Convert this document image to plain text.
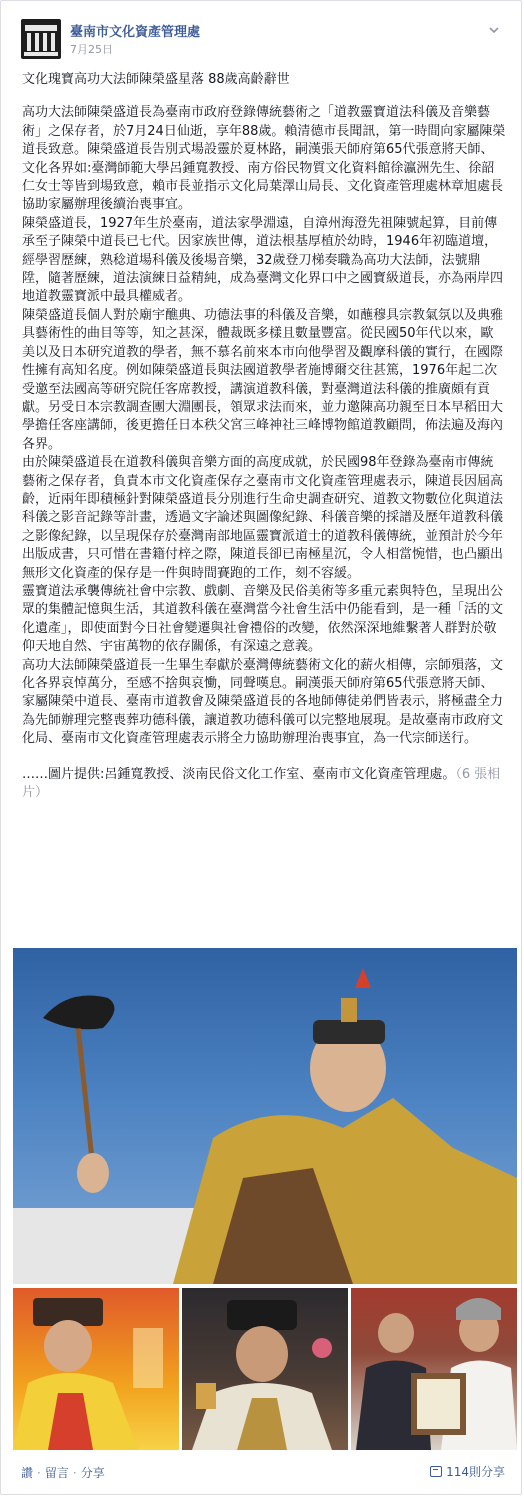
臺南市文化資產管理處
7月25日

文化瑰寶高功大法師陳榮盛星落 88歲高齡辭世

高功大法師陳榮盛道長為臺南市政府登錄傳統藝術之「道教靈寶道法科儀及音樂藝術」之保存者，於7月24日仙逝，享年88歲。賴清德市長聞訊，第一時間向家屬陳榮道長致意。陳榮盛道長告別式場設靈於夏林路，嗣漢張天師府第65代張意將天師、文化各界如:臺灣師範大學呂鍾寬教授、南方俗民物質文化資料館徐瀛洲先生、徐韶仁女士等皆到場致意，賴市長並指示文化局葉澤山局長、文化資產管理處林章旭處長協助家屬辦理後續治喪事宜。

陳榮盛道長，1927年生於臺南，道法家學淵遠，自漳州海澄先祖陳號起算，目前傳承至子陳榮中道長已七代。因家族世傳，道法根基厚植於幼時，1946年初臨道壇，經學習歷練，熟稔道場科儀及後場音樂，32歲登刀梯奏職為高功大法師，法號鼎陞，隨著歷練，道法演練日益精純，成為臺灣文化界口中之國寶級道長，亦為兩岸四地道教靈寶派中最具權威者。

陳榮盛道長個人對於廟宇醮典、功德法事的科儀及音樂，如蘸穆具宗教氣氛以及典雅具藝術性的曲目等等，知之甚深，體裁既多樣且數量豐富。從民國50年代以來，歐美以及日本研究道教的學者，無不慕名前來本市向他學習及觀摩科儀的實行，在國際性擁有高知名度。例如陳榮盛道長與法國道教學者施博爾交往甚篤，1976年起二次受邀至法國高等研究院任客席教授，講演道教科儀，對臺灣道法科儀的推廣頗有貢獻。另受日本宗教調查團大淵團長，領眾求法而來，並力邀陳高功親至日本早稻田大學擔任客座講師，後更擔任日本秩父宮三峰神社三峰博物館道教顧問，佈法遍及海內各界。

由於陳榮盛道長在道教科儀與音樂方面的高度成就，於民國98年登錄為臺南市傳統藝術之保存者，負責本市文化資產保存之臺南市文化資產管理處表示，陳道長因屆高齡，近兩年即積極針對陳榮盛道長分別進行生命史調查研究、道教文物數位化與道法科儀之影音記錄等計畫，透過文字論述與圖像紀錄、科儀音樂的採譜及歷年道教科儀之影像紀錄，以呈現保存於臺灣南部地區靈寶派道士的道教科儀傳統，並預計於今年出版成書，只可惜在書籍付梓之際，陳道長卻已南極星沉，令人相當惋惜，也凸顯出無形文化資產的保存是一件與時間賽跑的工作，刻不容緩。

靈寶道法承襲傳統社會中宗教、戲劇、音樂及民俗美術等多重元素與特色，呈現出公眾的集體記憶與生活，其道教科儀在臺灣當今社會生活中仍能看到，是一種「活的文化遺產」，即使面對今日社會變遷與社會禮俗的改變，依然深深地維繫著人群對於敬仰天地自然、宇宙萬物的依存關係，有深遠之意義。

高功大法師陳榮盛道長一生畢生奉獻於臺灣傳統藝術文化的薪火相傳，宗師殞落，文化各界哀悼萬分，至感不捨與哀慟，同聲嘆息。嗣漢張天師府第65代張意將天師、家屬陳榮中道長、臺南市道教會及陳榮盛道長的各地師傳徒弟們皆表示，將極盡全力為先師辦理完整喪葬功德科儀，讓道教功德科儀可以完整地展現。是故臺南市政府文化局、臺南市文化資產管理處表示將全力協助辦理治喪事宜，為一代宗師送行。

……圖片提供:呂鍾寬教授、淡南民俗文化工作室、臺南市文化資產管理處。（6 張相片）

讚 · 留言 · 分享	114則分享
